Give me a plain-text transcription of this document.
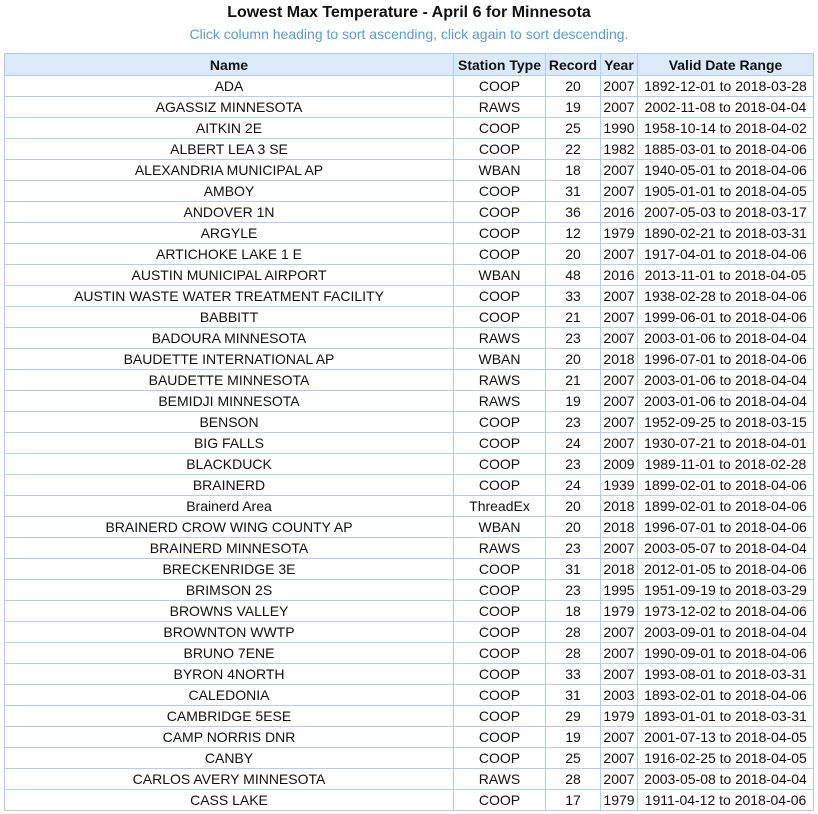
Lowest Max Temperature - April 6 for Minnesota
Click column heading to sort ascending, click again to sort descending.
Name	Station Type	Record	Year	Valid Date Range
ADA	COOP	20	2007	1892-12-01 to 2018-03-28
AGASSIZ MINNESOTA	RAWS	19	2007	2002-11-08 to 2018-04-04
AITKIN 2E	COOP	25	1990	1958-10-14 to 2018-04-02
ALBERT LEA 3 SE	COOP	22	1982	1885-03-01 to 2018-04-06
ALEXANDRIA MUNICIPAL AP	WBAN	18	2007	1940-05-01 to 2018-04-06
AMBOY	COOP	31	2007	1905-01-01 to 2018-04-05
ANDOVER 1N	COOP	36	2016	2007-05-03 to 2018-03-17
ARGYLE	COOP	12	1979	1890-02-21 to 2018-03-31
ARTICHOKE LAKE 1 E	COOP	20	2007	1917-04-01 to 2018-04-06
AUSTIN MUNICIPAL AIRPORT	WBAN	48	2016	2013-11-01 to 2018-04-05
AUSTIN WASTE WATER TREATMENT FACILITY	COOP	33	2007	1938-02-28 to 2018-04-06
BABBITT	COOP	21	2007	1999-06-01 to 2018-04-06
BADOURA MINNESOTA	RAWS	23	2007	2003-01-06 to 2018-04-04
BAUDETTE INTERNATIONAL AP	WBAN	20	2018	1996-07-01 to 2018-04-06
BAUDETTE MINNESOTA	RAWS	21	2007	2003-01-06 to 2018-04-04
BEMIDJI MINNESOTA	RAWS	19	2007	2003-01-06 to 2018-04-04
BENSON	COOP	23	2007	1952-09-25 to 2018-03-15
BIG FALLS	COOP	24	2007	1930-07-21 to 2018-04-01
BLACKDUCK	COOP	23	2009	1989-11-01 to 2018-02-28
BRAINERD	COOP	24	1939	1899-02-01 to 2018-04-06
Brainerd Area	ThreadEx	20	2018	1899-02-01 to 2018-04-06
BRAINERD CROW WING COUNTY AP	WBAN	20	2018	1996-07-01 to 2018-04-06
BRAINERD MINNESOTA	RAWS	23	2007	2003-05-07 to 2018-04-04
BRECKENRIDGE 3E	COOP	31	2018	2012-01-05 to 2018-04-06
BRIMSON 2S	COOP	23	1995	1951-09-19 to 2018-03-29
BROWNS VALLEY	COOP	18	1979	1973-12-02 to 2018-04-06
BROWNTON WWTP	COOP	28	2007	2003-09-01 to 2018-04-04
BRUNO 7ENE	COOP	28	2007	1990-09-01 to 2018-04-06
BYRON 4NORTH	COOP	33	2007	1993-08-01 to 2018-03-31
CALEDONIA	COOP	31	2003	1893-02-01 to 2018-04-06
CAMBRIDGE 5ESE	COOP	29	1979	1893-01-01 to 2018-03-31
CAMP NORRIS DNR	COOP	19	2007	2001-07-13 to 2018-04-05
CANBY	COOP	25	2007	1916-02-25 to 2018-04-05
CARLOS AVERY MINNESOTA	RAWS	28	2007	2003-05-08 to 2018-04-04
CASS LAKE	COOP	17	1979	1911-04-12 to 2018-04-06
